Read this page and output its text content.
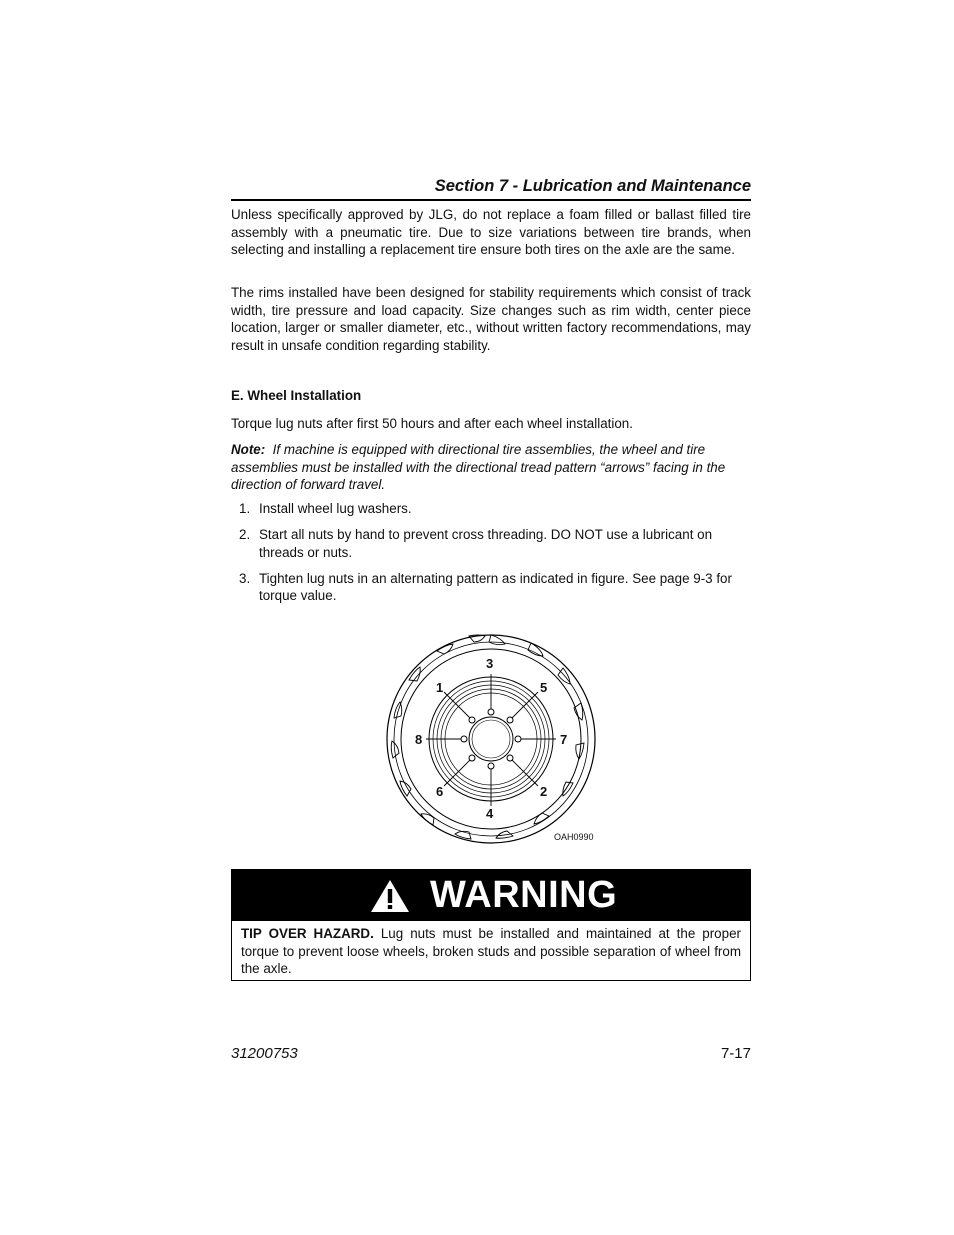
Section 7 - Lubrication and Maintenance

Unless specifically approved by JLG, do not replace a foam filled or ballast filled tire assembly with a pneumatic tire. Due to size variations between tire brands, when selecting and installing a replacement tire ensure both tires on the axle are the same.

The rims installed have been designed for stability requirements which consist of track width, tire pressure and load capacity. Size changes such as rim width, center piece location, larger or smaller diameter, etc., without written factory recommendations, may result in unsafe condition regarding stability.

E. Wheel Installation

Torque lug nuts after first 50 hours and after each wheel installation.

Note: If machine is equipped with directional tire assemblies, the wheel and tire assemblies must be installed with the directional tread pattern “arrows” facing in the direction of forward travel.

1. Install wheel lug washers.
2. Start all nuts by hand to prevent cross threading. DO NOT use a lubricant on threads or nuts.
3. Tighten lug nuts in an alternating pattern as indicated in figure. See page 9-3 for torque value.
3
1	5
8	7
6	2
4
OAH0990
WARNING

TIP OVER HAZARD. Lug nuts must be installed and maintained at the proper torque to prevent loose wheels, broken studs and possible separation of wheel from the axle.

31200753	7-17
